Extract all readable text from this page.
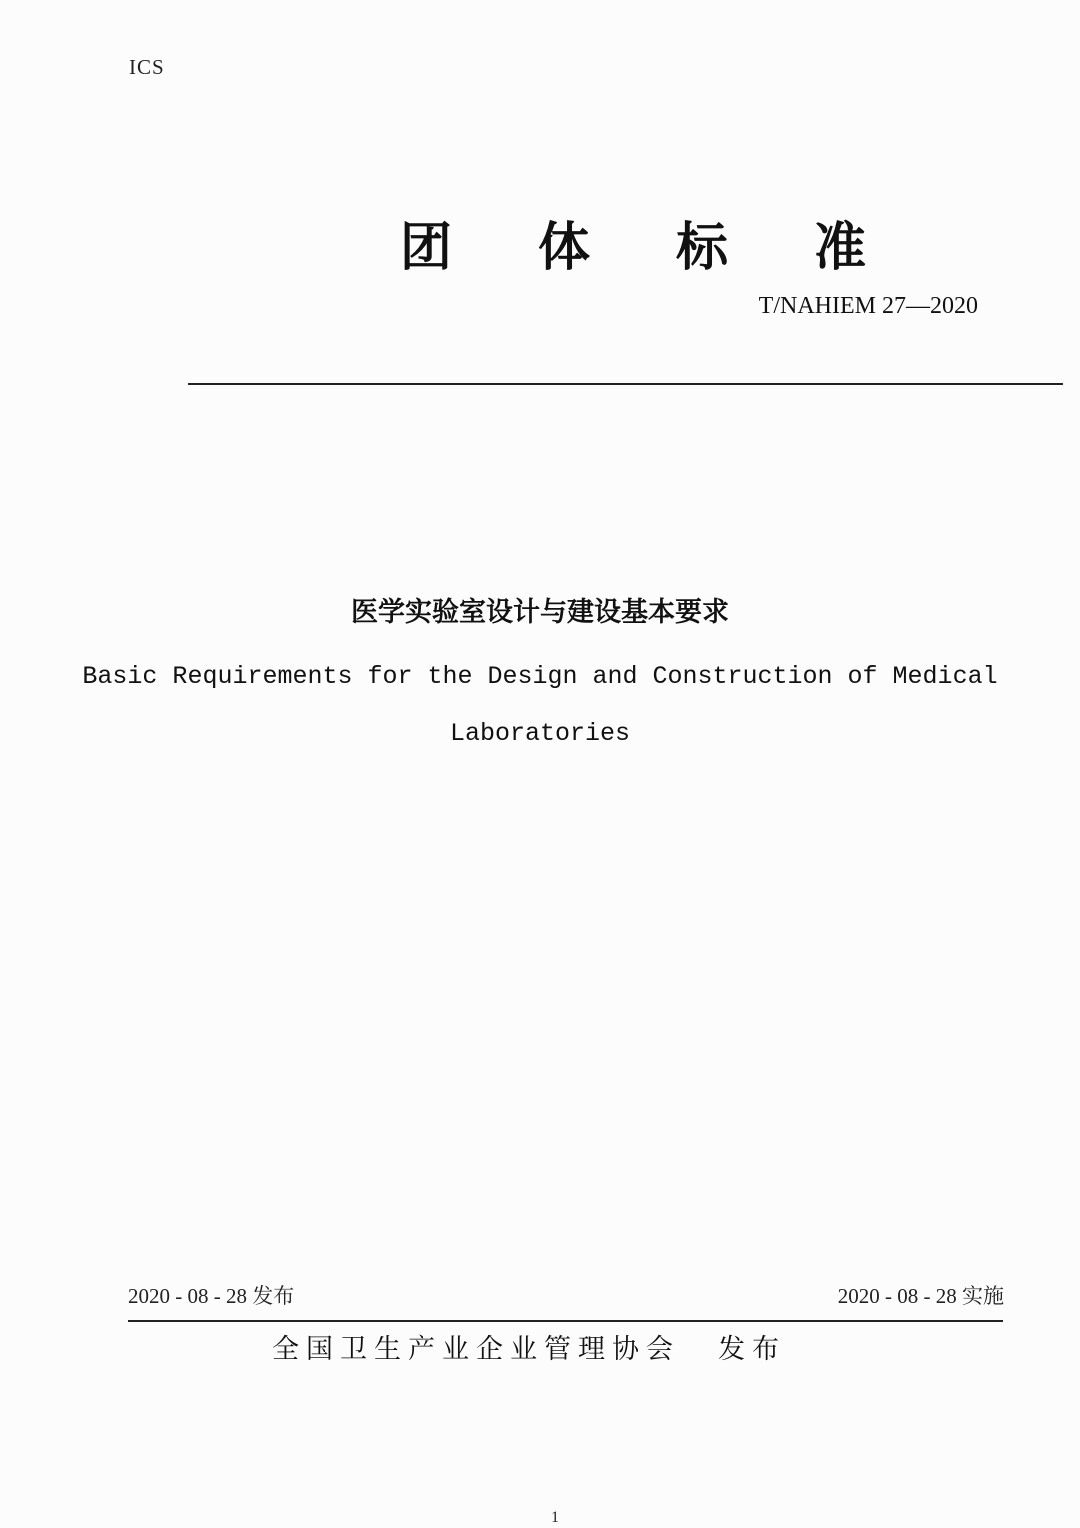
ICS
团体标准
T/NAHIEM 27—2020
医学实验室设计与建设基本要求
Basic Requirements for the Design and Construction of Medical
Laboratories
2020 - 08 - 28 发布	2020 - 08 - 28 实施
全国卫生产业企业管理协会 发布
1
